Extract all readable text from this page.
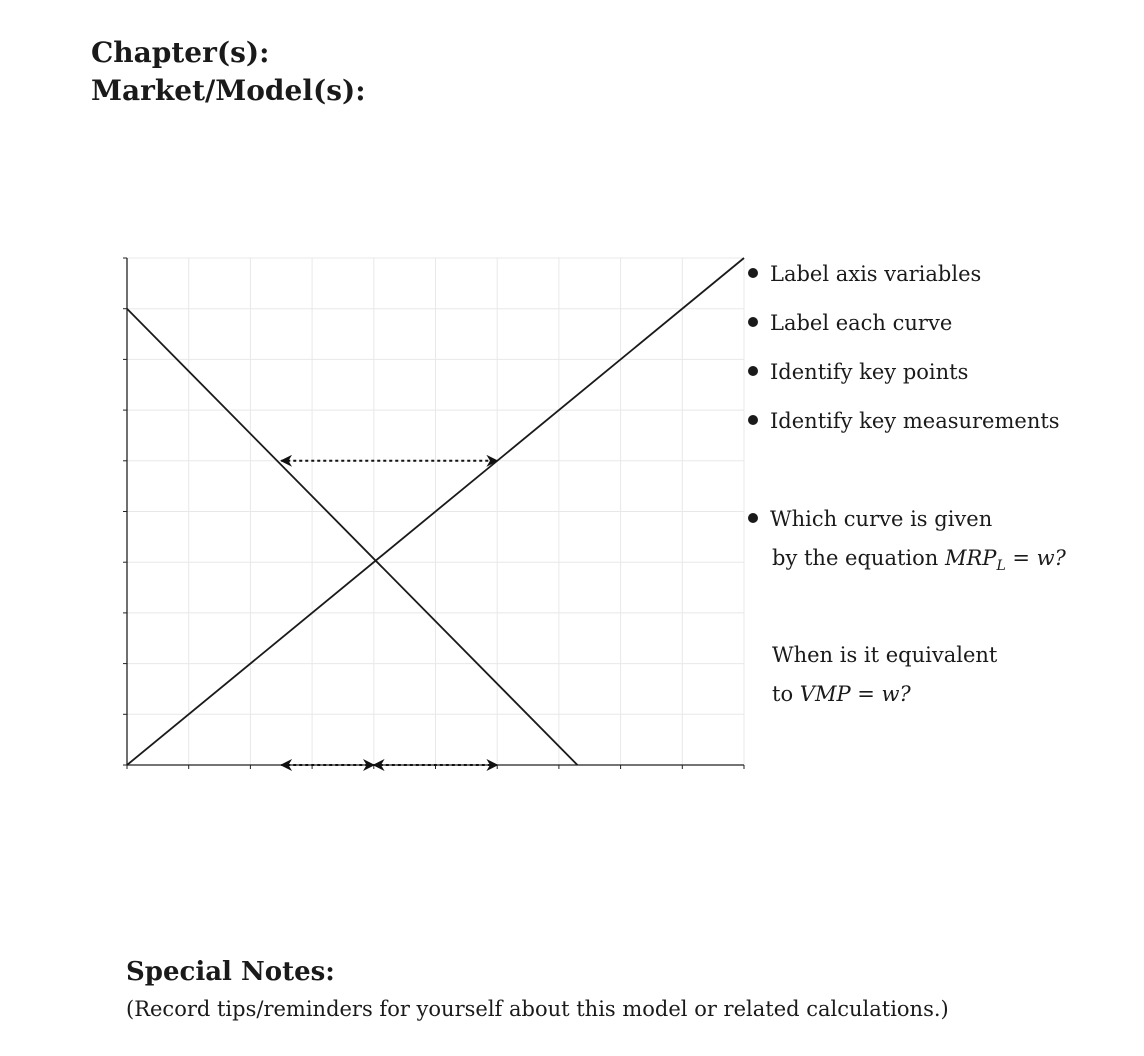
Chapter(s):
Market/Model(s):
Label axis variables
Label each curve
Identify key points
Identify key measurements
Which curve is given
by the equation $MRP_L = w$?
When is it equivalent
to VMP = w?
Special Notes:
(Record tips/reminders for yourself about this model or related calculations.)
